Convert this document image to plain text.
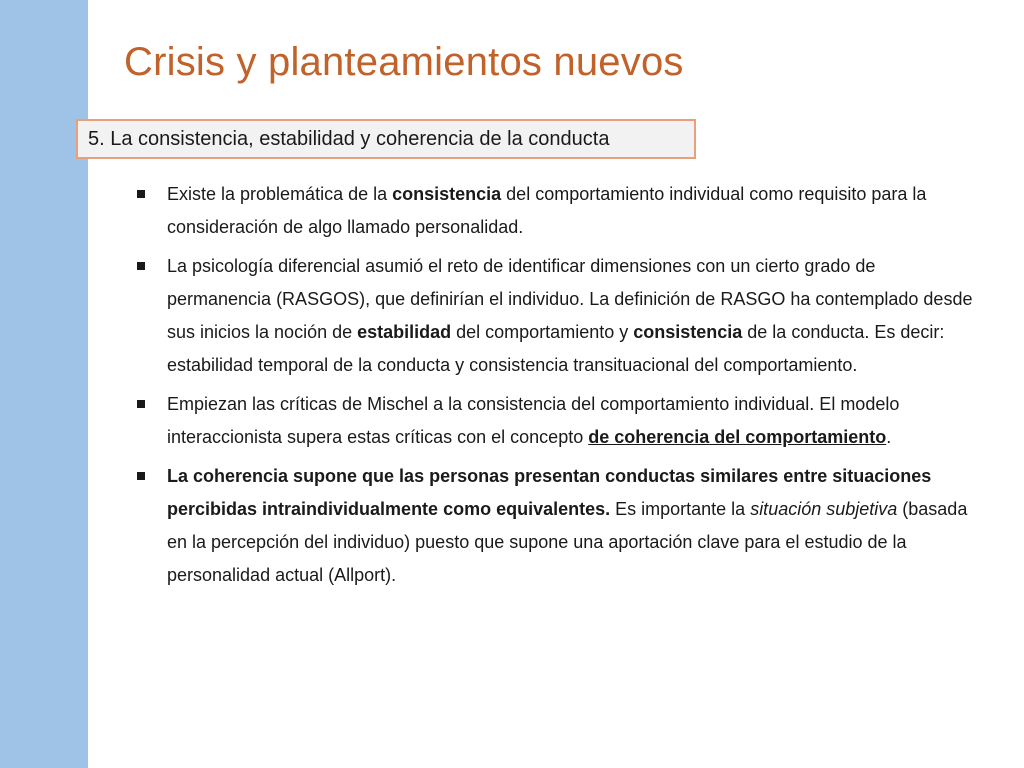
Crisis y planteamientos nuevos
5. La consistencia, estabilidad y coherencia de la conducta
Existe la problemática de la consistencia del comportamiento individual como requisito para la consideración de algo llamado personalidad.
La psicología diferencial asumió el reto de identificar dimensiones con un cierto grado de permanencia (RASGOS), que definirían el individuo. La definición de RASGO ha contemplado desde sus inicios la noción de estabilidad del comportamiento y consistencia de la conducta. Es decir: estabilidad temporal de la conducta y consistencia transituacional del comportamiento.
Empiezan las críticas de Mischel a la consistencia del comportamiento individual. El modelo interaccionista supera estas críticas con el concepto de coherencia del comportamiento.
La coherencia supone que las personas presentan conductas similares entre situaciones percibidas intraindividualmente como equivalentes. Es importante la situación subjetiva (basada en la percepción del individuo) puesto que supone una aportación clave para el estudio de la personalidad actual (Allport).
